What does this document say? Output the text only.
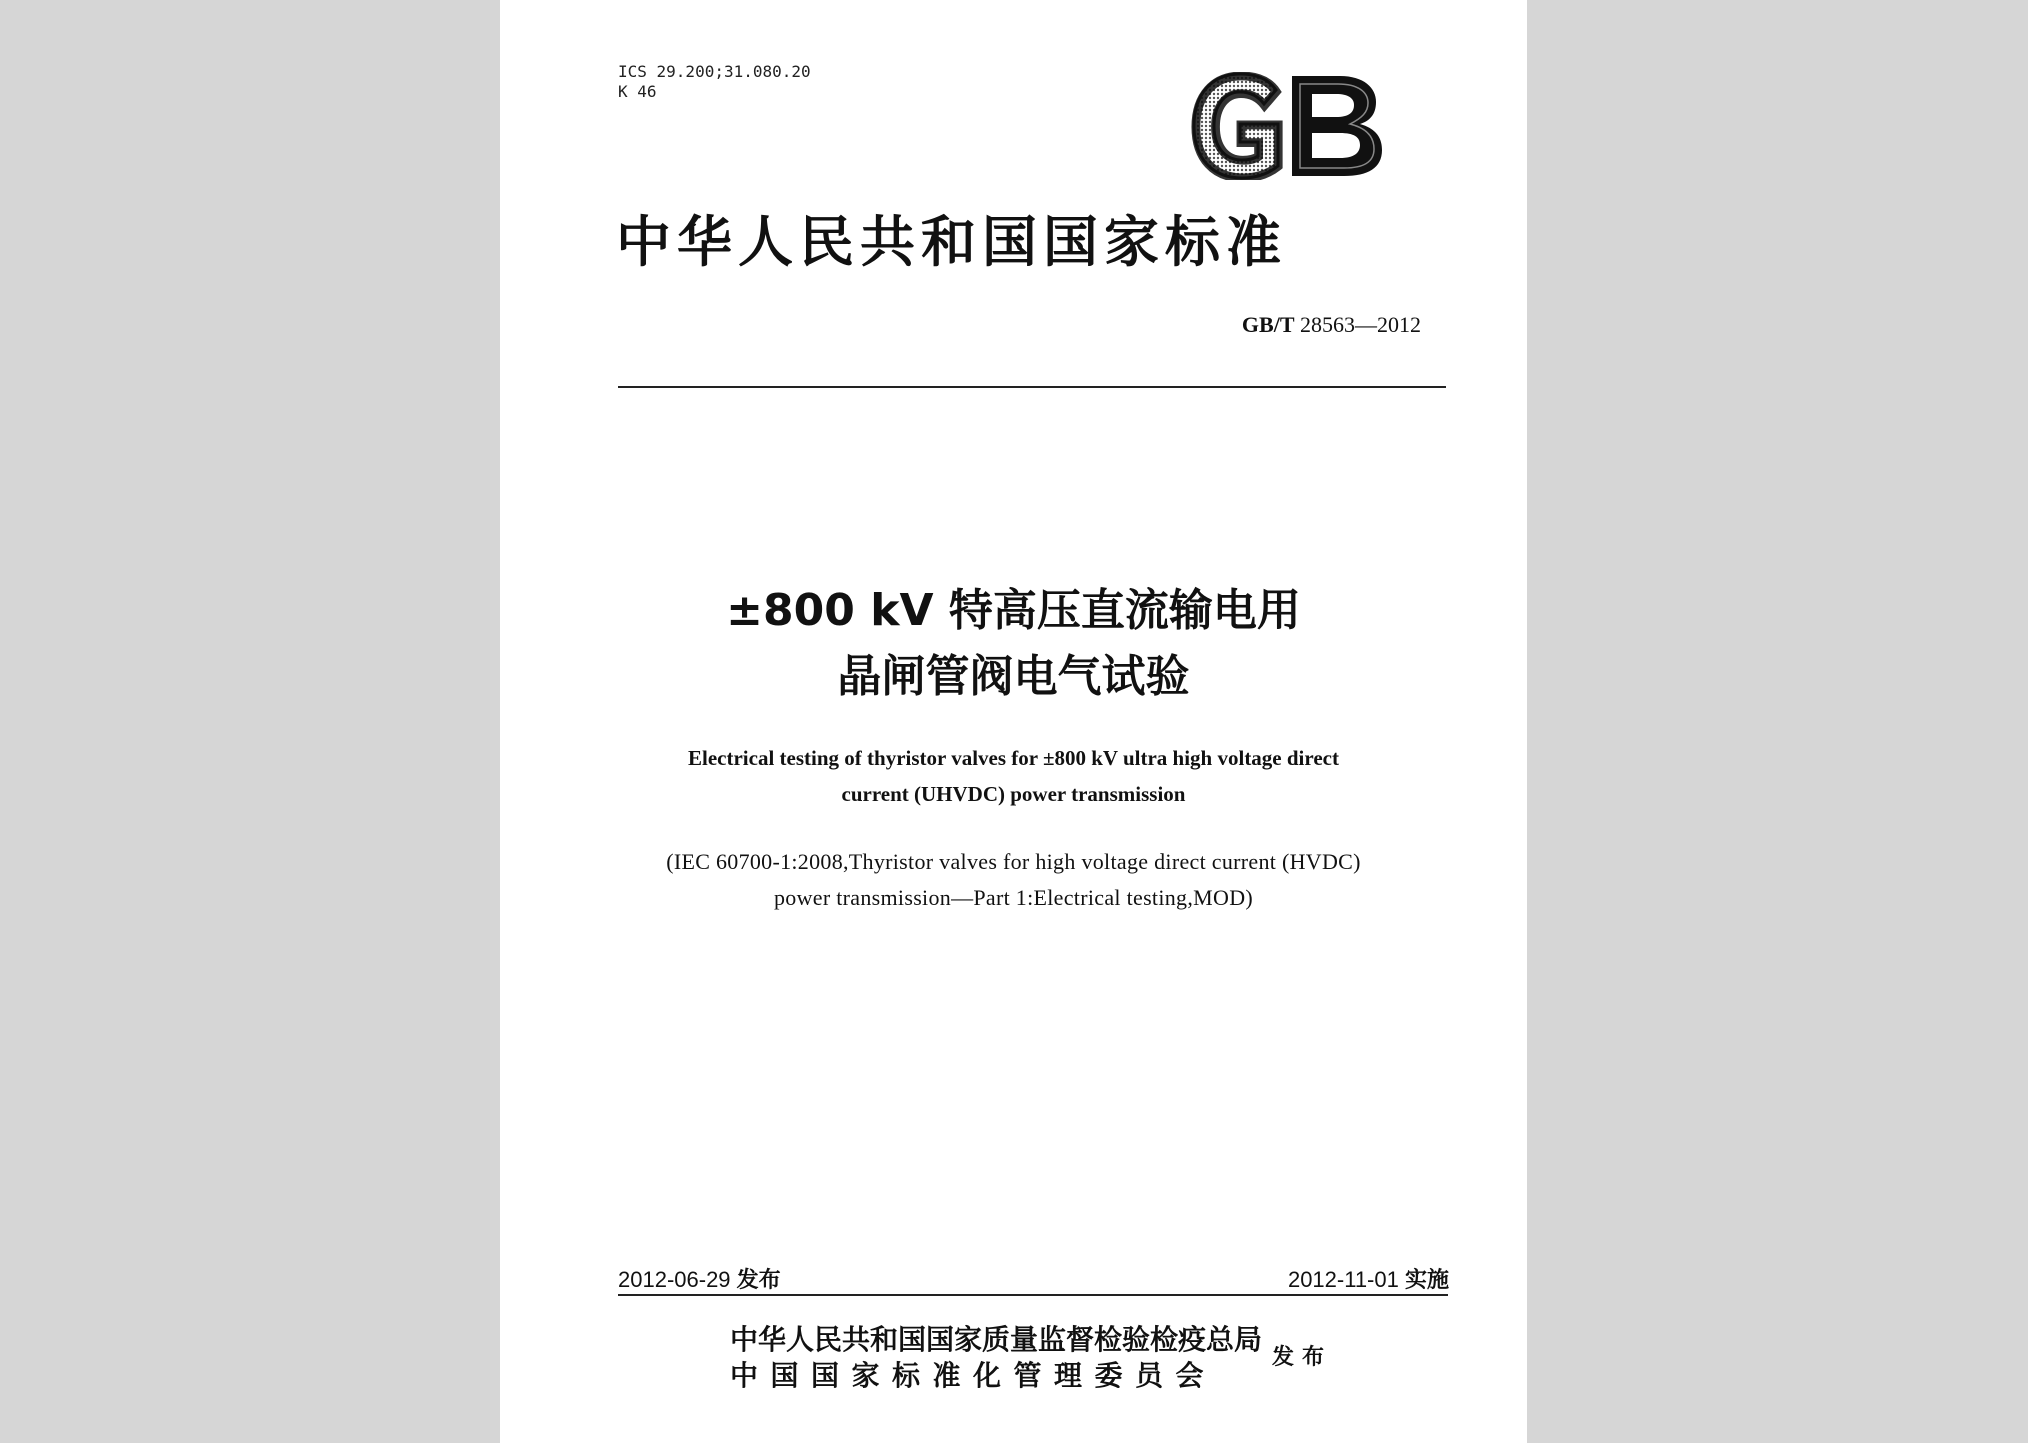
ICS 29.200;31.080.20
K 46
中华人民共和国国家标准
GB/T 28563—2012
±800 kV 特高压直流输电用
晶闸管阀电气试验
Electrical testing of thyristor valves for ±800 kV ultra high voltage direct
current (UHVDC) power transmission
(IEC 60700-1:2008,Thyristor valves for high voltage direct current (HVDC)
power transmission—Part 1:Electrical testing,MOD)
2012-06-29 发布	2012-11-01 实施
中华人民共和国国家质量监督检验检疫总局
中国国家标准化管理委员会
发布
